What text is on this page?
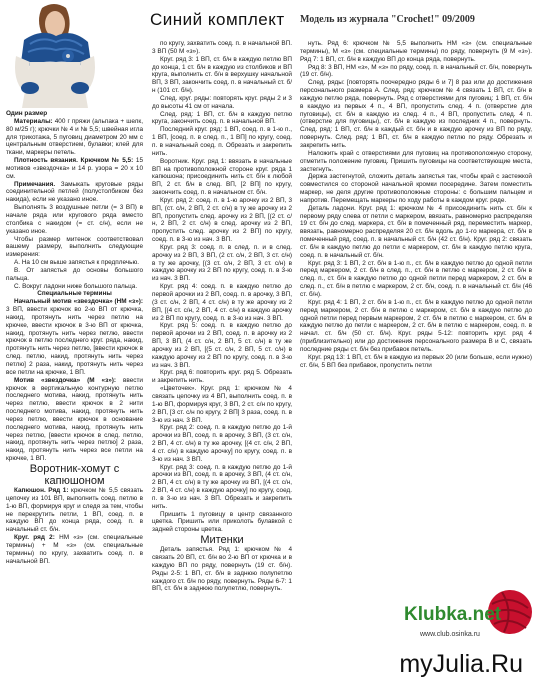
Синий комплект Модель из журнала "Crochet!" 09/2009

Один размер

Материалы: 400 г пряжи (альпака + шелк, 80 м/25 г); крючки № 4 и № 5,5; швейная игла для трикотажа, 5 пуговиц диаметром 20 мм с центральным отверстием, булавки; клей для ткани, маркеры петель.

Плотность вязания. Крючком № 5,5: 15 мотивов «звездочка» и 14 р. узора = 20 х 10 см.

Примечания. Замыкать круговые ряды соединительной петлей (полустолбиком без накида), если не указано иное.

Выполнять 3 воздушные петли (= 3 ВП) в начале ряда или кругового ряда вместо столбика с накидом (= ст. с/н), если не указано иное.

Чтобы размер митенок соответствовал вашему размеру, выполнить следующие измерения:

А. На 10 см выше запястья к предплечью.

В. От запястья до основы большого пальца.

С. Вокруг ладони ниже большого пальца.

Специальные термины

Начальный мотив «звездочка» (НМ «з»): 3 ВП, ввести крючок во 2-ю ВП от крючка, накид, протянуть нить через петлю на крючке, ввести крючок в 3-ю ВП от крючка, накид, протянуть нить через петлю, ввести крючок в петлю последнего круг. ряда, накид, протянуть нить через петлю, [ввести крючок в след. петлю, накид, протянуть нить через петлю] 2 раза, накид, протянуть нить через все петли на крючке, 1 ВП.

Мотив «звездочка» (М «з»): ввести крючок в вертикальную контурную петлю последнего мотива, накид, протянуть нить через петлю, ввести крючок в 2 нити последнего мотива, накид, протянуть нить через петлю, ввести крючок в основание последнего мотива, накид, протянуть нить через петлю, [ввести крючок в след. петлю, накид, протянуть нить через петлю] 2 раза, накид, протянуть нить через все петли на крючке, 1 ВП.

Воротник-хомут с капюшоном

Капюшон. Ряд 1: крючком № 5,5 связать цепочку из 101 ВП, выполнить соед. петлю в 1-ю ВП, формируя круг и следя за тем, чтобы не перекрутить петли, 1 ВП, соед. п. в каждую ВП до конца ряда, соед. п. в начальный ст. б/н.

Круг. ряд 2: НМ «з» (см. специальные термины) + М «з» (см. специальные термины) по кругу, захватить соед. п. в начальной ВП.

по кругу, захватить соед. п. в начальной ВП. 3 ВП (50 М «з»).

Круг. ряд 3: 1 ВП, ст. б/н в каждую петлю ВП до конца, 1 ст. б/н в каждую из столбиков и ВП круга, выполнить ст. б/н в верхушку начальной ВП, 3 ВП, закончить соед. п. в начальный ст. б/н (101 ст. б/н).

След. круг. ряды: повторять круг. ряды 2 и 3 до высоты 41 см от начала.

След. ряд: 1 ВП, ст. б/н в каждую петлю круга, закончить соед. п. в начальной ВП.

Последний круг. ряд: 1 ВП, соед. п. в 1-ю п., 1 ВП, [соед. п. в след. п., 1 ВП] по кругу, соед. п. в начальный соед. п. Обрезать и закрепить нить.

Воротник. Круг. ряд 1: ввязать в начальные ВП на противоположной стороне круг. ряда 1 капюшона; присоединить нить ст. б/н к любой ВП, 2 ст. б/н в след. ВП, [2 ВП] по кругу, закончить соед. п. в начальном ст. б/н.

Круг. ряд 2: соед. п. в 1-ю арочку из 2 ВП, 3 ВП, (ст. с/н, 2 ВП, 2 ст. с/н) в ту же арочку из 2 ВП, пропустить след. арочку из 2 ВП, [(2 ст. с/н, 2 ВП, 2 ст. с/н) в след. арочку из 2 ВП, пропустить след. арочку из 2 ВП] по кругу, соед. п. в 3-ю из нач. 3 ВП.

Круг. ряд 3: соед. п. в след. п. и в след. арочку из 2 ВП, 3 ВП, (2 ст. с/н, 2 ВП, 3 ст. с/н) в ту же арочку, [(3 ст. с/н, 2 ВП, 3 ст. с/н) в каждую арочку из 2 ВП по кругу, соед. п. в 3-ю из нач. 3 ВП.

Круг. ряд 4: соед. п. в каждую петлю до первой арочки из 2 ВП, соед. п. в арочку, 3 ВП, (3 ст. с/н, 2 ВП, 4 ст. с/н) в ту же арочку из 2 ВП, [(4 ст. с/н, 2 ВП, 4 ст. с/н) в каждую арочку из 2 ВП по кругу, соед. п. в 3-ю из нач. 3 ВП.

Круг. ряд 5: соед. п. в каждую петлю до первой арочки из 2 ВП, соед. п. в арочку из 2 ВП, 3 ВП, (4 ст. с/н, 2 ВП, 5 ст. с/н) в ту же арочку из 2 ВП, [(5 ст. с/н, 2 ВП, 5 ст. с/н) в каждую арочку из 2 ВП по кругу, соед. п. в 3-ю из нач. 3 ВП.

Круг. ряд 6: повторить круг. ряд 5. Обрезать и закрепить нить.

«Цветочек». Круг. ряд 1: крючком № 4 связать цепочку из 4 ВП, выполнить соед. п. в 1-ю ВП, формируя круг, 3 ВП, 2 ст. с/н по кругу, 2 ВП, [3 ст. с/н по кругу, 2 ВП] 3 раза, соед. п. в 3-ю из нач. 3 ВП.

Круг. ряд 2: соед. п. в каждую петлю до 1-й арочки из ВП, соед. п. в арочку, 3 ВП, (3 ст. с/н, 2 ВП, 4 ст. с/н) в ту же арочку, [(4 ст. с/н, 2 ВП, 4 ст. с/н) в каждую арочку] по кругу, соед. п. в 3-ю из нач. 3 ВП.

Круг. ряд 3: соед. п. в каждую петлю до 1-й арочки из ВП, соед. п. в арочку, 3 ВП, (4 ст. с/н, 2 ВП, 4 ст. с/н) в ту же арочку из ВП, [(4 ст. с/н, 2 ВП, 4 ст. с/н) в каждую арочку] по кругу, соед. п. в 3-ю из нач. 3 ВП. Обрезать и закрепить нить.

Пришить 1 пуговицу в центр связанного цветка. Пришить или приколоть булавкой с задней стороны цветка.

Митенки

Деталь запястья. Ряд 1: крючком № 4 связать 20 ВП, ст. б/н во 2-ю ВП от крючка и в каждую ВП по ряду, повернуть (19 ст. б/н). Ряды 2-5: 1 ВП, ст. б/н в заднюю полупетлю каждого ст. б/н по ряду, повернуть. Ряды 6-7: 1 ВП, ст. б/н в заднюю полупетлю, повернуть.

нуть. Ряд 6: крючком № 5,5 выполнить НМ «з» (см. специальные термины), М «з» (см. специальные термины) по ряду, повернуть (9 М «з»). Ряд 7: 1 ВП, ст. б/н в каждую ВП до конца ряда, повернуть.

Ряд 8: 3 ВП, НМ «з», М «з» по ряду, соед. п. в начальный ст. б/н, повернуть (19 ст. б/н).

След. ряды: [повторять поочередно ряды 6 и 7] 8 раз или до достижения персонального размера А. След. ряд: крючком № 4 связать 1 ВП, ст. б/н в каждую петлю ряда, повернуть. Ряд с отверстиями для пуговиц: 1 ВП, ст. б/н в каждую из первых 4 п., 4 ВП, пропустить след. 4 п. (отверстие для пуговицы), ст. б/н в каждую из след. 4 п., 4 ВП, пропустить след. 4 п. (отверстие для пуговицы), ст. б/н в каждую из последних 4 п., повернуть. След. ряд: 1 ВП, ст. б/н в каждый ст. б/н и в каждую арочку из ВП по ряду, повернуть. След. ряд: 1 ВП, ст. б/н в каждую петлю по ряду. Обрезать и закрепить нить.

Наложить край с отверстиями для пуговиц на противоположную сторону, отметить положение пуговиц. Пришить пуговицы на соответствующие места, застегнуть.

Держа застегнутой, сложить деталь запястья так, чтобы край с застежкой совместился со стороной начальной кромки посередине. Затем поместить маркер, не деля другие противоположные стороны: с большим пальцем и напротив. Перемещать маркеры по ходу работы в каждом круг. ряде.

Деталь ладони. Круг. ряд 1: крючком № 4 присоединить нить ст. б/н к первому ряду слева от петли с маркером, ввязать, равномерно распределяя 19 ст. б/н до след. маркера, ст. б/н в помеченный ряд, переместить маркер, ввязать, равномерно распределяя 20 ст. б/н вдоль до 1-го маркера, ст. б/н в помеченный ряд, соед. п. в начальный ст. б/н (42 ст. б/н). Круг. ряд 2: связать ст. б/н в каждую петлю до петли с маркером, ст. б/н в каждую петлю круга, соед. п. в начальный ст. б/н.

Круг. ряд 3: 1 ВП, 2 ст. б/н в 1-ю п., ст. б/н в каждую петлю до одной петли перед маркером, 2 ст. б/н в след. п., ст. б/н в петлю с маркером, 2 ст. б/н в след. п., ст. б/н в каждую петлю до одной петли перед маркером, 2 ст. б/н в след. п., ст. б/н в петлю с маркером, 2 ст. б/н, соед. п. в начальный ст. б/н (46 ст. б/н).

Круг. ряд 4: 1 ВП, 2 ст. б/н в 1-ю п., ст. б/н в каждую петлю до одной петли перед маркером, 2 ст. б/н в петлю с маркером, ст. б/н в каждую петлю до одной петли перед первым маркером, 2 ст. б/н в петлю с маркером, ст. б/н в каждую петлю до петли с маркером, 2 ст. б/н в петлю с маркером, соед. п. в начал. ст. б/н (50 ст. б/н). Круг. ряды 5-12: повторить круг. ряд 4 (приблизительно) или до достижения персонального размера В и С, связать последние ряды ст. б/н без прибавок петель.

Круг. ряд 13: 1 ВП, ст. б/н в каждую из первых 20 (или больше, если нужно) ст. б/н, 5 ВП без прибавок, пропустить петли

Klubka.net
www.club.osinka.ru
myJulia.Ru
